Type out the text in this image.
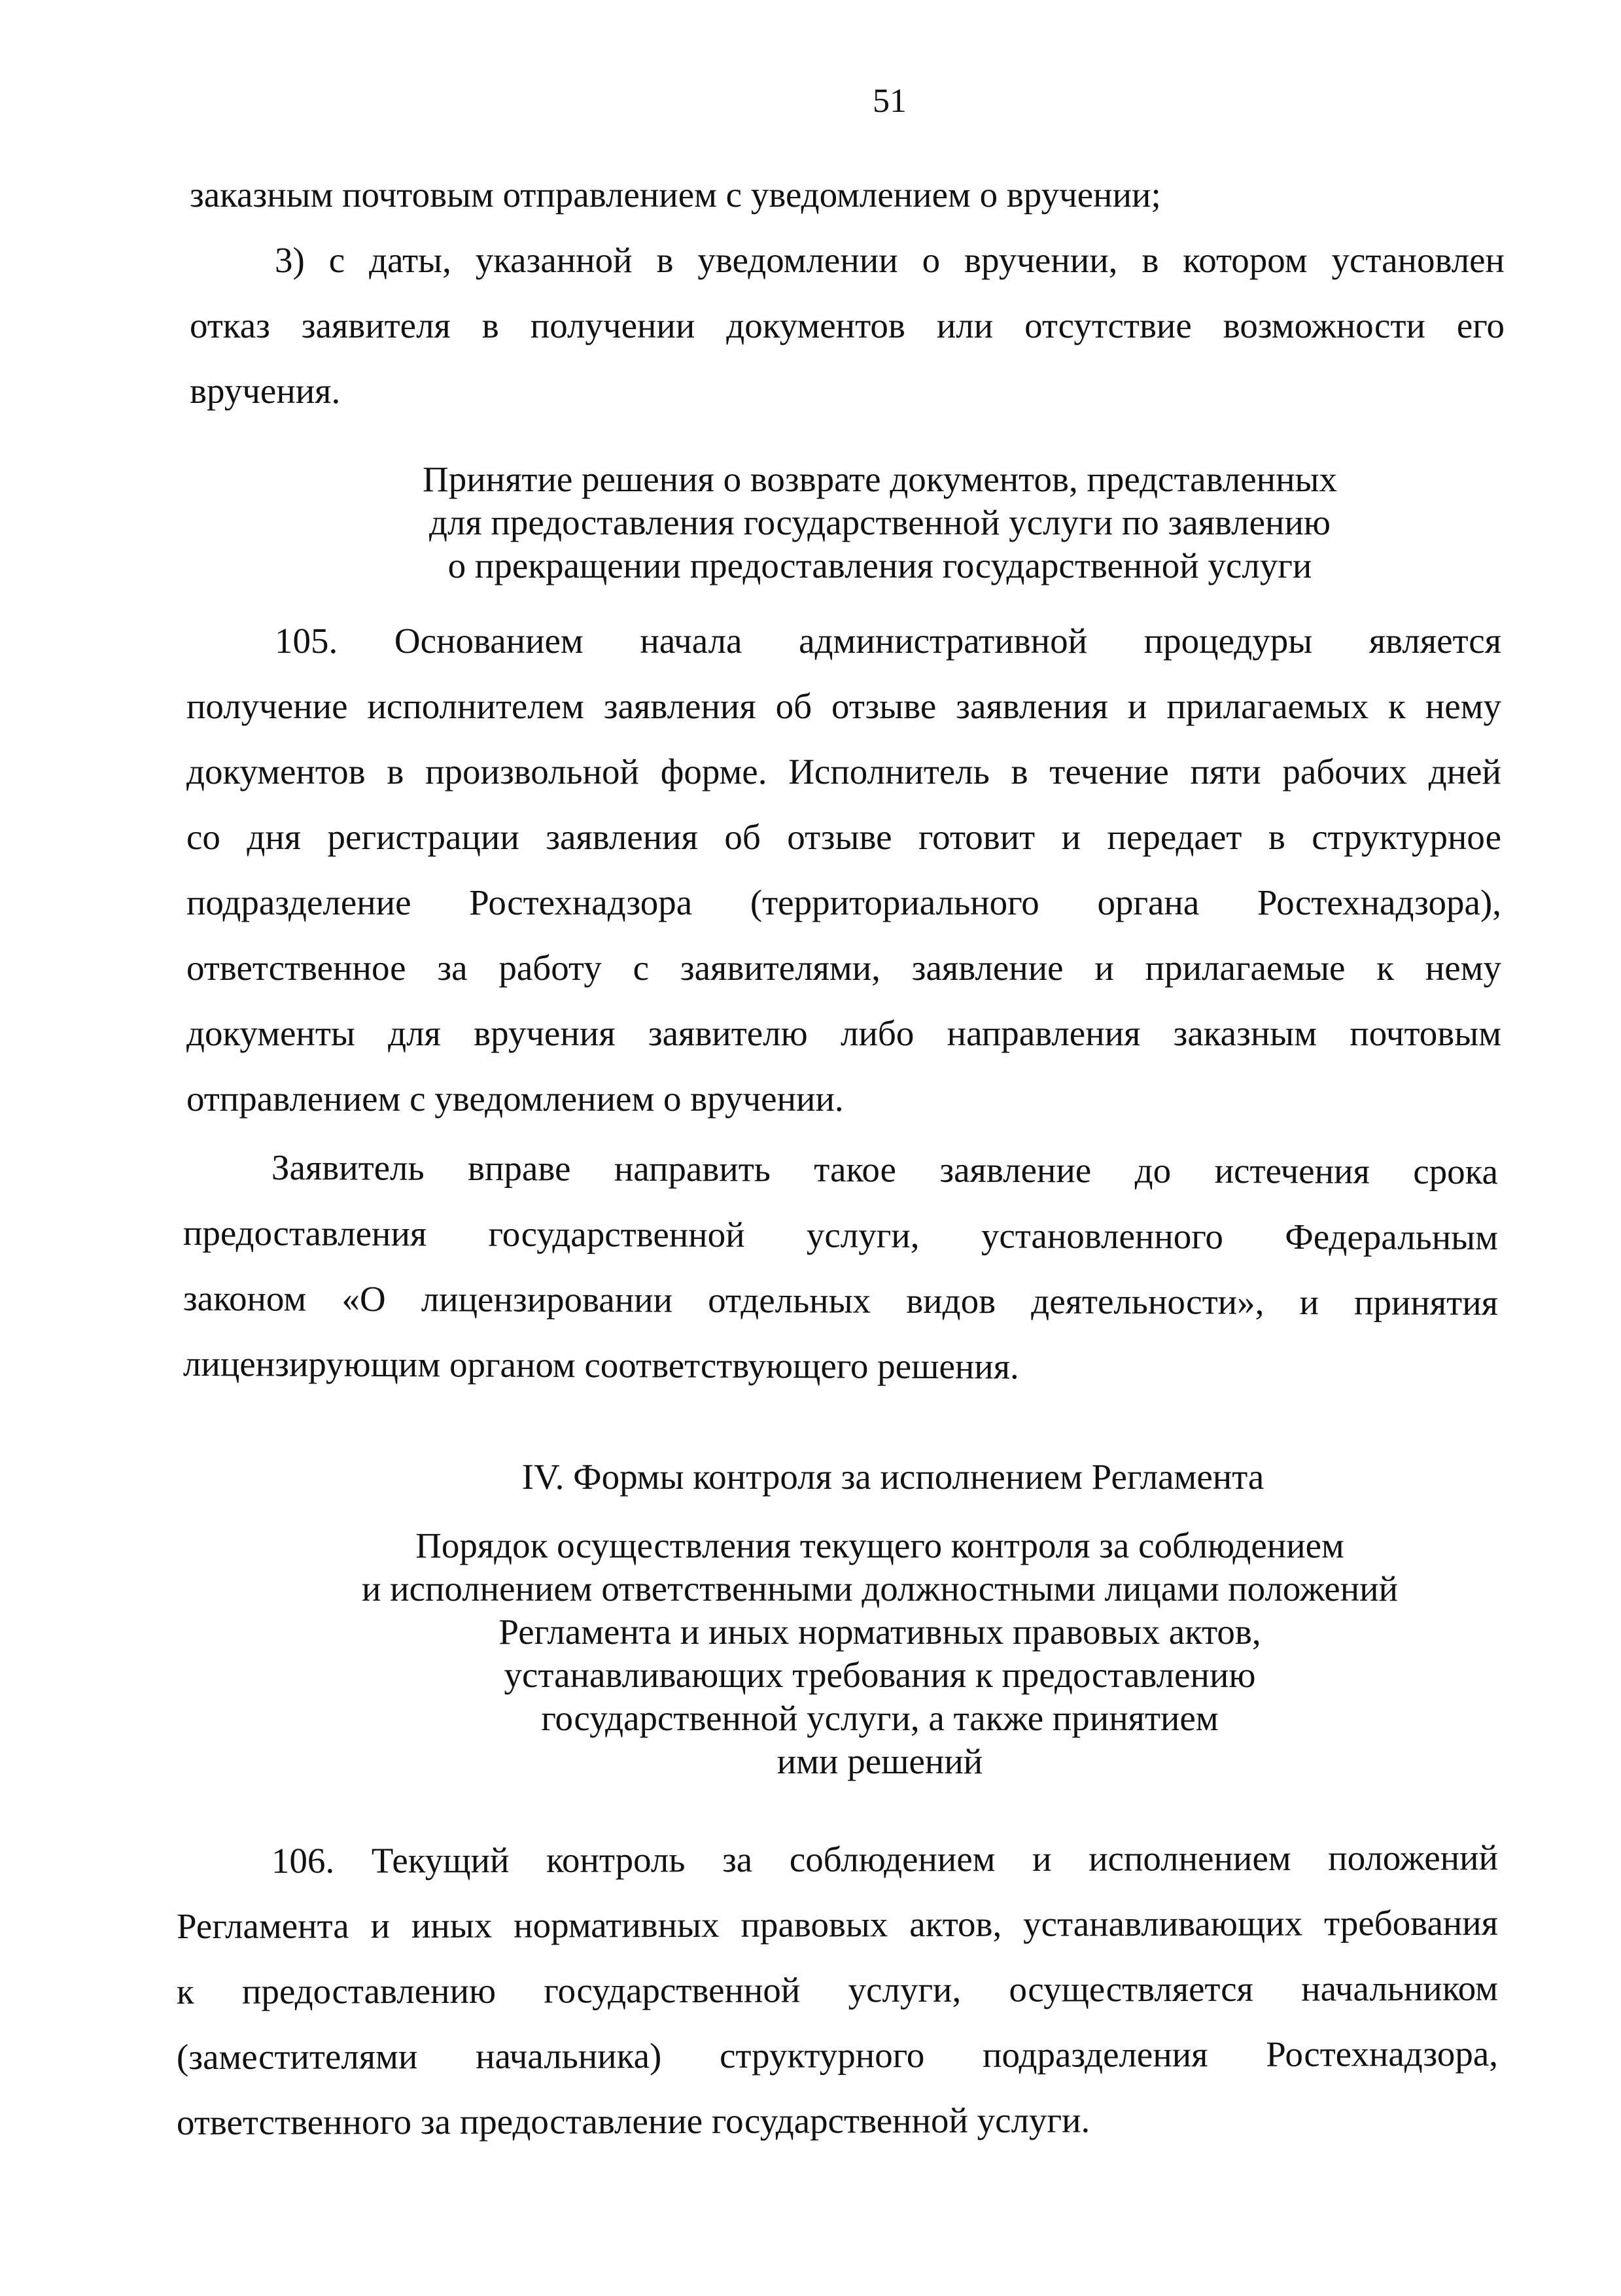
51
заказным почтовым отправлением с уведомлением о вручении;
3) с даты, указанной в уведомлении о вручении, в котором установлен
отказ заявителя в получении документов или отсутствие возможности его
вручения.
Принятие решения о возврате документов, представленных
для предоставления государственной услуги по заявлению
о прекращении предоставления государственной услуги
105. Основанием начала административной процедуры является
получение исполнителем заявления об отзыве заявления и прилагаемых к нему
документов в произвольной форме. Исполнитель в течение пяти рабочих дней
со дня регистрации заявления об отзыве готовит и передает в структурное
подразделение Ростехнадзора (территориального органа Ростехнадзора),
ответственное за работу с заявителями, заявление и прилагаемые к нему
документы для вручения заявителю либо направления заказным почтовым
отправлением с уведомлением о вручении.
Заявитель вправе направить такое заявление до истечения срока
предоставления государственной услуги, установленного Федеральным
законом «О лицензировании отдельных видов деятельности», и принятия
лицензирующим органом соответствующего решения.
IV. Формы контроля за исполнением Регламента
Порядок осуществления текущего контроля за соблюдением
и исполнением ответственными должностными лицами положений
Регламента и иных нормативных правовых актов,
устанавливающих требования к предоставлению
государственной услуги, а также принятием
ими решений
106. Текущий контроль за соблюдением и исполнением положений
Регламента и иных нормативных правовых актов, устанавливающих требования
к предоставлению государственной услуги, осуществляется начальником
(заместителями начальника) структурного подразделения Ростехнадзора,
ответственного за предоставление государственной услуги.
